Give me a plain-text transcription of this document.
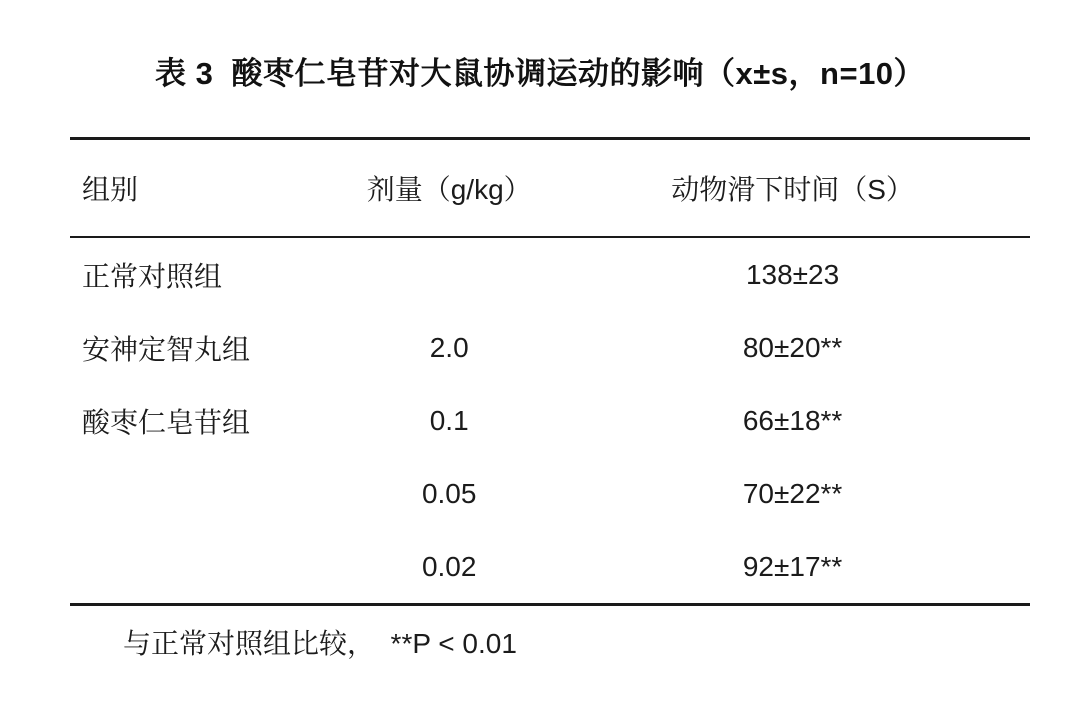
表 3  酸枣仁皂苷对大鼠协调运动的影响（x±s，n=10）
组别	剂量（g/kg）	动物滑下时间（S）
正常对照组		138±23
安神定智丸组	2.0	80±20**
酸枣仁皂苷组	0.1	66±18**
	0.05	70±22**
	0.02	92±17**
与正常对照组比较，  **P < 0.01
